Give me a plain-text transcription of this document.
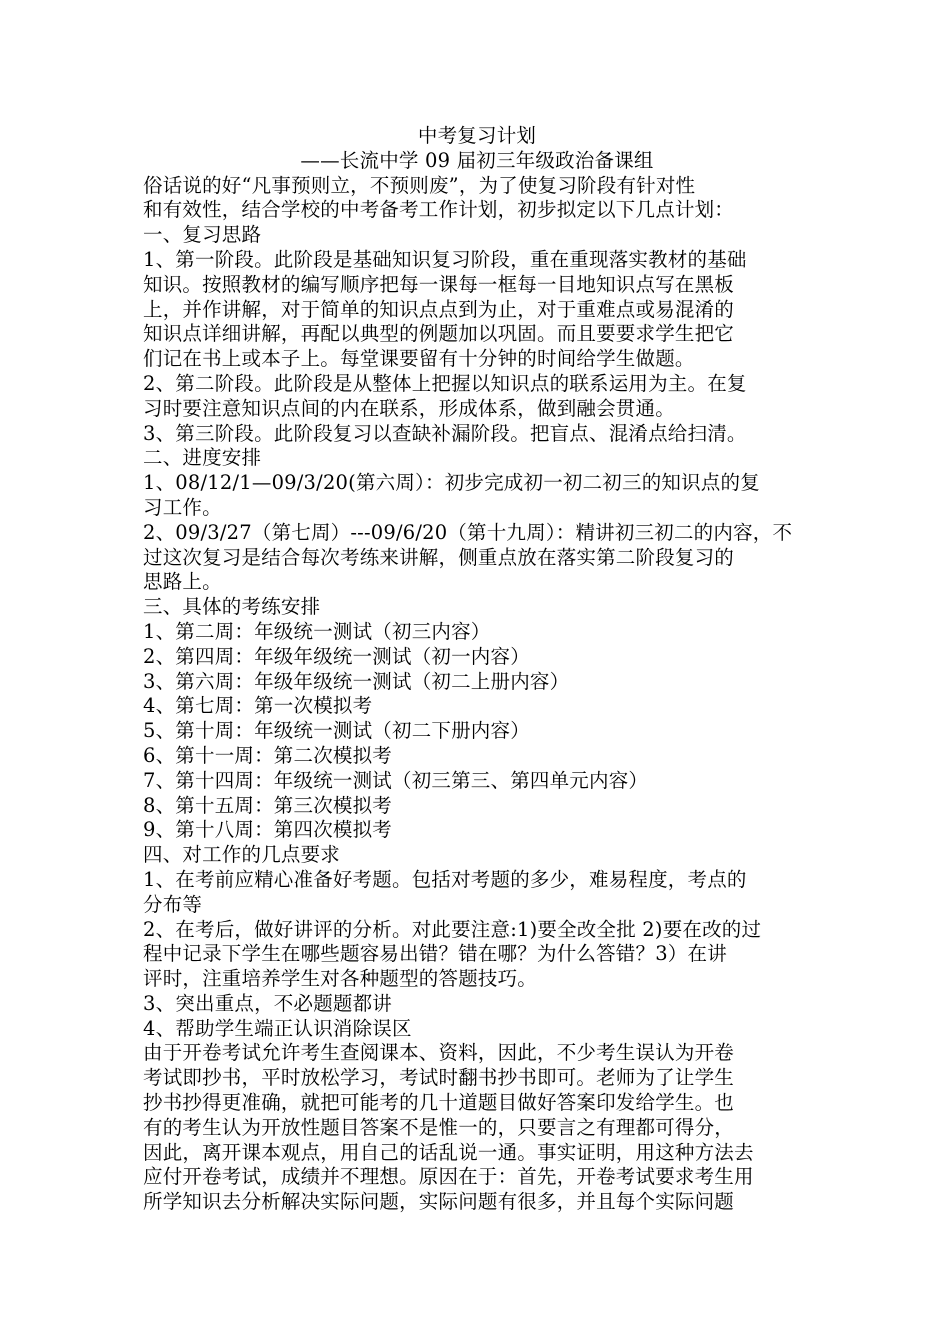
中考复习计划
——长流中学 09 届初三年级政治备课组
俗话说的好“凡事预则立，不预则废”，为了使复习阶段有针对性
和有效性，结合学校的中考备考工作计划，初步拟定以下几点计划：
一、复习思路
1、第一阶段。此阶段是基础知识复习阶段，重在重现落实教材的基础
知识。按照教材的编写顺序把每一课每一框每一目地知识点写在黑板
上，并作讲解，对于简单的知识点点到为止，对于重难点或易混淆的
知识点详细讲解，再配以典型的例题加以巩固。而且要要求学生把它
们记在书上或本子上。每堂课要留有十分钟的时间给学生做题。
2、第二阶段。此阶段是从整体上把握以知识点的联系运用为主。在复
习时要注意知识点间的内在联系，形成体系，做到融会贯通。
3、第三阶段。此阶段复习以查缺补漏阶段。把盲点、混淆点给扫清。
二、进度安排
1、08/12/1—09/3/20(第六周）：初步完成初一初二初三的知识点的复
习工作。
2、09/3/27（第七周）---09/6/20（第十九周）：精讲初三初二的内容，不
过这次复习是结合每次考练来讲解，侧重点放在落实第二阶段复习的
思路上。
三、具体的考练安排
1、第二周：年级统一测试（初三内容）
2、第四周：年级年级统一测试（初一内容）
3、第六周：年级年级统一测试（初二上册内容）
4、第七周：第一次模拟考
5、第十周：年级统一测试（初二下册内容）
6、第十一周：第二次模拟考
7、第十四周：年级统一测试（初三第三、第四单元内容）
8、第十五周：第三次模拟考
9、第十八周：第四次模拟考
四、对工作的几点要求
1、在考前应精心准备好考题。包括对考题的多少，难易程度，考点的
分布等
2、在考后，做好讲评的分析。对此要注意:1)要全改全批 2)要在改的过
程中记录下学生在哪些题容易出错？错在哪？为什么答错？3）在讲
评时，注重培养学生对各种题型的答题技巧。
3、突出重点，不必题题都讲
4、帮助学生端正认识消除误区
由于开卷考试允许考生查阅课本、资料，因此，不少考生误认为开卷
考试即抄书，平时放松学习，考试时翻书抄书即可。老师为了让学生
抄书抄得更准确，就把可能考的几十道题目做好答案印发给学生。也
有的考生认为开放性题目答案不是惟一的，只要言之有理都可得分，
因此，离开课本观点，用自己的话乱说一通。事实证明，用这种方法去
应付开卷考试，成绩并不理想。原因在于：首先，开卷考试要求考生用
所学知识去分析解决实际问题，实际问题有很多，并且每个实际问题
